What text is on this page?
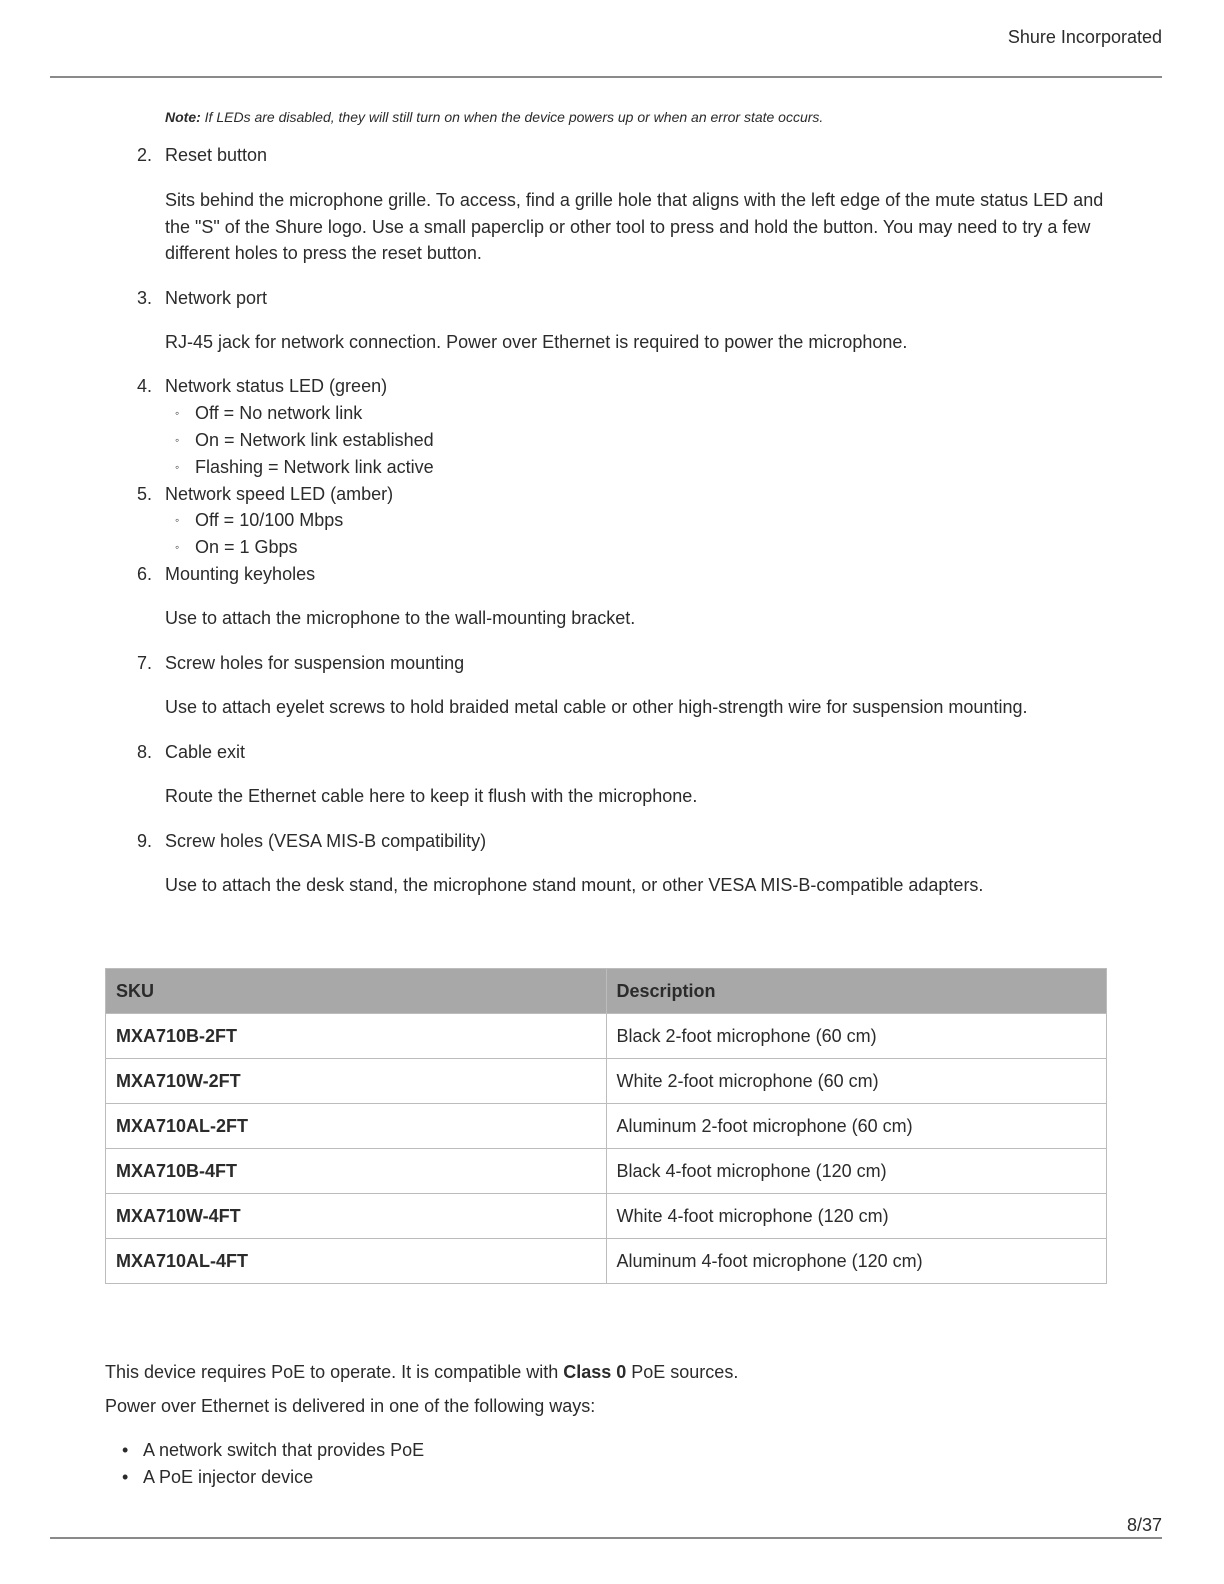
Shure Incorporated
Note: If LEDs are disabled, they will still turn on when the device powers up or when an error state occurs.
2. Reset button
Sits behind the microphone grille. To access, find a grille hole that aligns with the left edge of the mute status LED and the "S" of the Shure logo. Use a small paperclip or other tool to press and hold the button. You may need to try a few different holes to press the reset button.
3. Network port
RJ-45 jack for network connection. Power over Ethernet is required to power the microphone.
4. Network status LED (green)
◦ Off = No network link
◦ On = Network link established
◦ Flashing = Network link active
5. Network speed LED (amber)
◦ Off = 10/100 Mbps
◦ On = 1 Gbps
6. Mounting keyholes
Use to attach the microphone to the wall-mounting bracket.
7. Screw holes for suspension mounting
Use to attach eyelet screws to hold braided metal cable or other high-strength wire for suspension mounting.
8. Cable exit
Route the Ethernet cable here to keep it flush with the microphone.
9. Screw holes (VESA MIS-B compatibility)
Use to attach the desk stand, the microphone stand mount, or other VESA MIS-B-compatible adapters.
SKU	Description
MXA710B-2FT	Black 2-foot microphone (60 cm)
MXA710W-2FT	White 2-foot microphone (60 cm)
MXA710AL-2FT	Aluminum 2-foot microphone (60 cm)
MXA710B-4FT	Black 4-foot microphone (120 cm)
MXA710W-4FT	White 4-foot microphone (120 cm)
MXA710AL-4FT	Aluminum 4-foot microphone (120 cm)
This device requires PoE to operate. It is compatible with Class 0 PoE sources.
Power over Ethernet is delivered in one of the following ways:
• A network switch that provides PoE
• A PoE injector device
8/37
